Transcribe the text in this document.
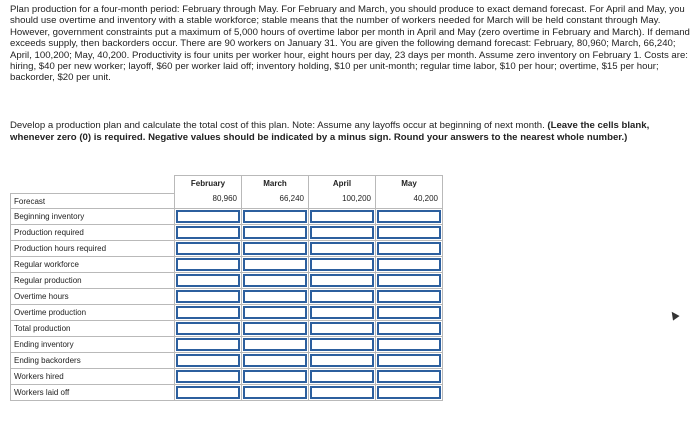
Plan production for a four-month period: February through May. For February and March, you should produce to exact demand forecast. For April and May, you should use overtime and inventory with a stable workforce; stable means that the number of workers needed for March will be held constant through May. However, government constraints put a maximum of 5,000 hours of overtime labor per month in April and May (zero overtime in February and March). If demand exceeds supply, then backorders occur. There are 90 workers on January 31. You are given the following demand forecast: February, 80,960; March, 66,240; April, 100,200; May, 40,200. Productivity is four units per worker hour, eight hours per day, 23 days per month. Assume zero inventory on February 1. Costs are: hiring, $40 per new worker; layoff, $60 per worker laid off; inventory holding, $10 per unit-month; regular time labor, $10 per hour; overtime, $15 per hour; backorder, $20 per unit.

Develop a production plan and calculate the total cost of this plan. Note: Assume any layoffs occur at beginning of next month. (Leave the cells blank, whenever zero (0) is required. Negative values should be indicated by a minus sign. Round your answers to the nearest whole number.)

	February	March	April	May
Forecast	80,960	66,240	100,200	40,200
Beginning inventory	

Production required	

Production hours required	

Regular workforce	

Regular production	

Overtime hours	

Overtime production	

Total production	

Ending inventory	

Ending backorders	

Workers hired	

Workers laid off	
